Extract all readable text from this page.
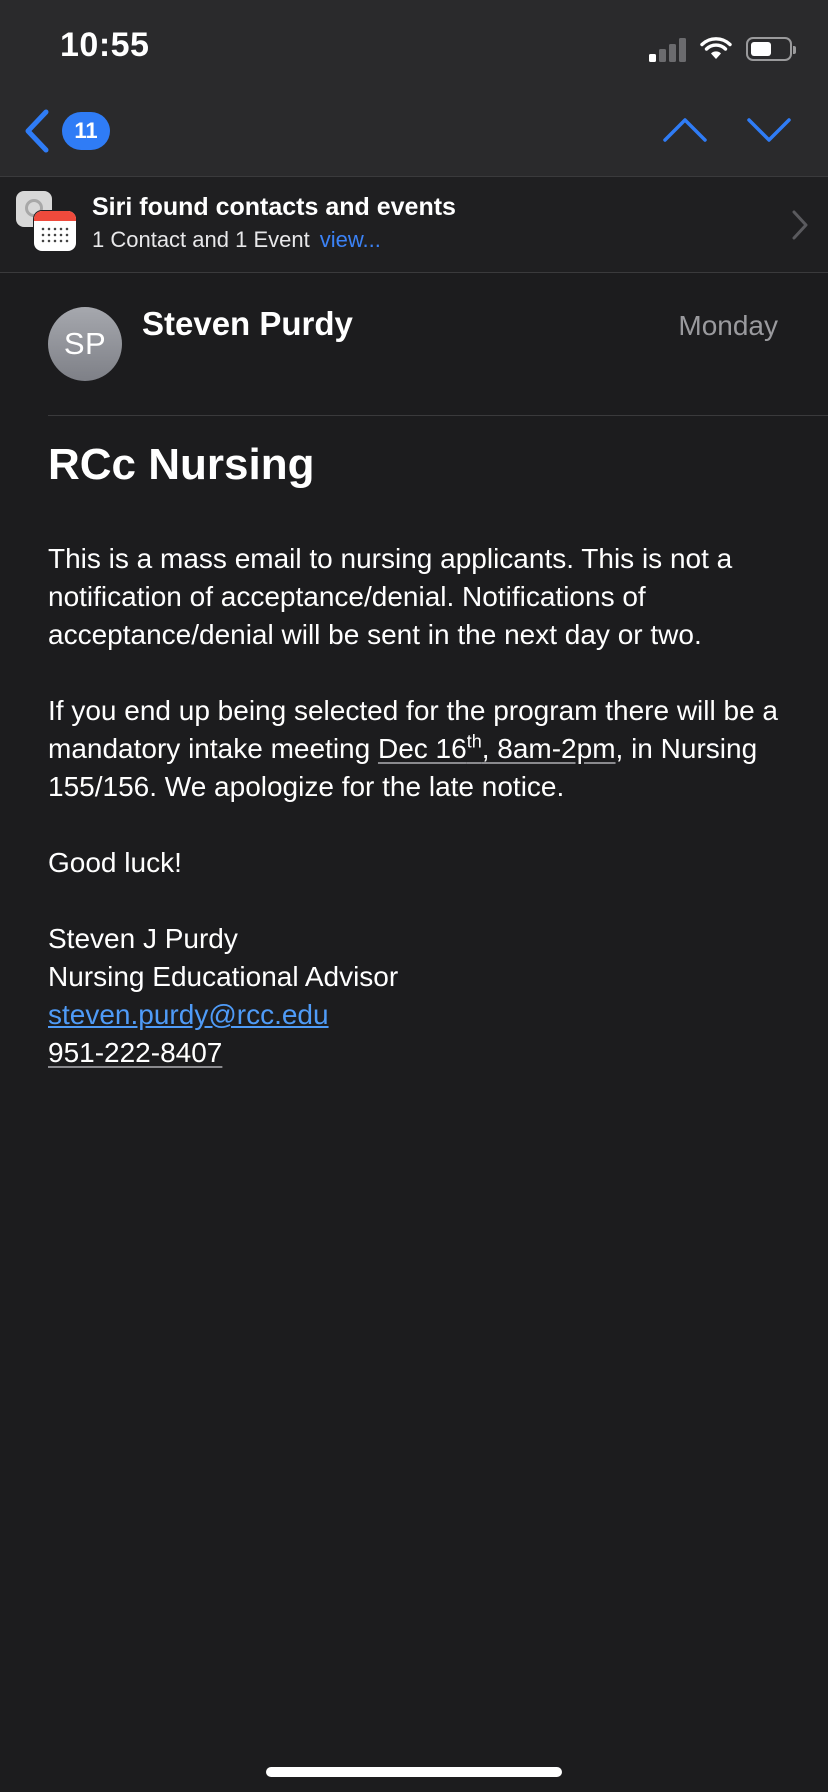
10:55
11
Siri found contacts and events
1 Contact and 1 Event view...
SP
Steven Purdy	Monday
RCc Nursing

This is a mass email to nursing applicants. This is not a notification of acceptance/denial. Notifications of acceptance/denial will be sent in the next day or two.

If you end up being selected for the program there will be a mandatory intake meeting Dec 16th, 8am-2pm, in Nursing 155/156. We apologize for the late notice.

Good luck!

Steven J Purdy
Nursing Educational Advisor
steven.purdy@rcc.edu
951-222-8407
